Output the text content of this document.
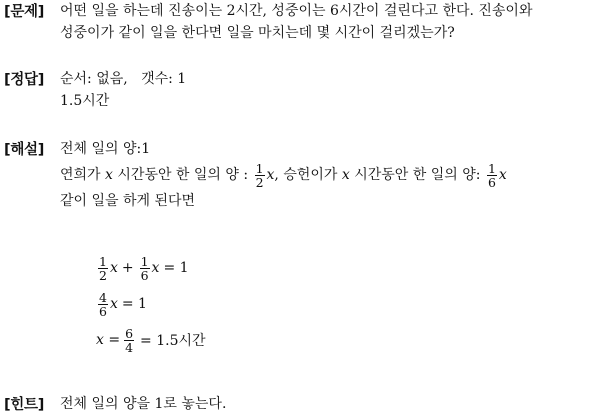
[문제] 어떤 일을 하는데 진송이는 2시간, 성중이는 6시간이 걸린다고 한다. 진송이와
성중이가 같이 일을 한다면 일을 마치는데 몇 시간이 걸리겠는가?
[정답] 순서: 없음,   갯수: 1
1.5시간
[해설] 전체 일의 양:1
연희가 x 시간동안 한 일의 양 : $\frac{1}{2} x$, 승헌이가 x 시간동안 한 일의 양: $\frac{1}{6}$ x
같이 일을 하게 된다면
$\frac{1}{2}$ $x + \frac{1}{6}$ x = 1
$\frac{4}{6}$ x = 1
$x = \frac{6}{4} = 1.5$시간
[힌트] 전체 일의 양을 1로 놓는다.
